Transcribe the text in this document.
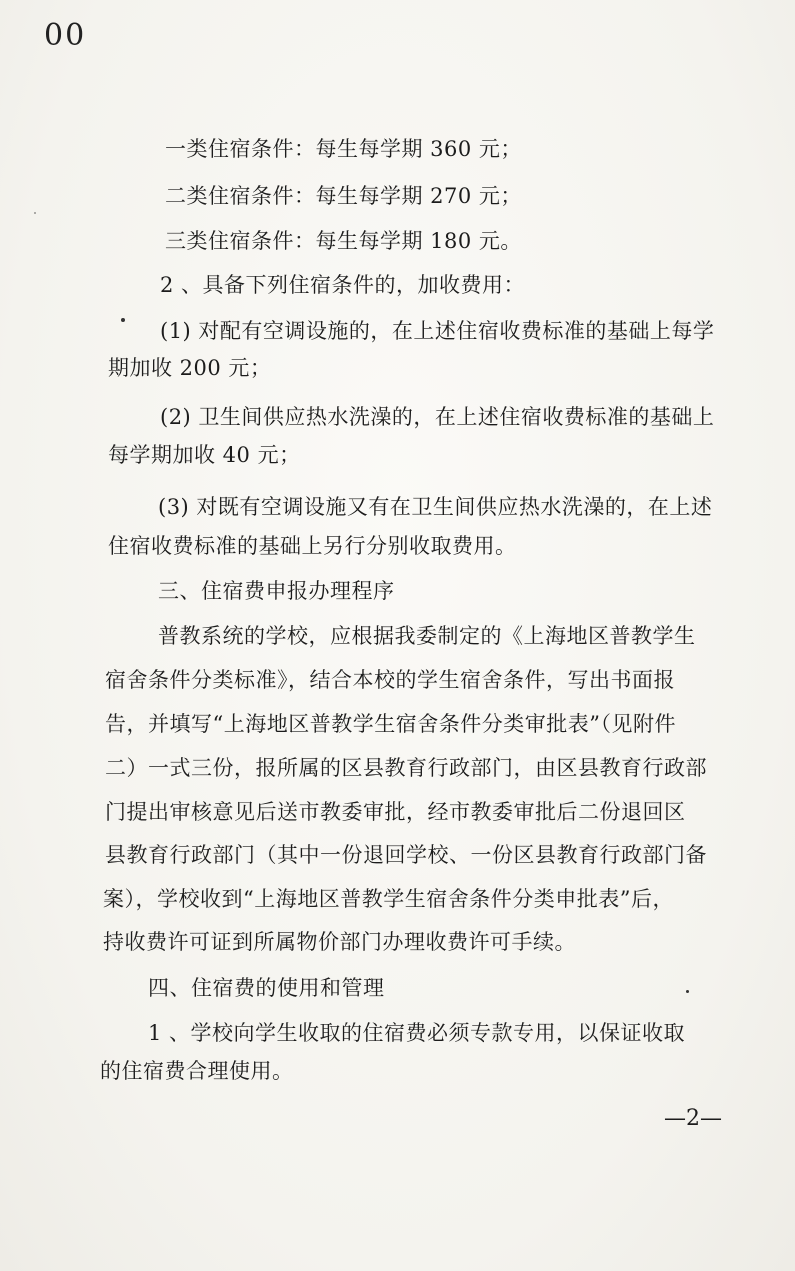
00
一类住宿条件：每生每学期 360 元；
二类住宿条件：每生每学期 270 元；
三类住宿条件：每生每学期 180 元。
2 、具备下列住宿条件的，加收费用：
(1) 对配有空调设施的，在上述住宿收费标准的基础上每学
期加收 200 元；
(2) 卫生间供应热水洗澡的，在上述住宿收费标准的基础上
每学期加收 40 元；
(3) 对既有空调设施又有在卫生间供应热水洗澡的，在上述
住宿收费标准的基础上另行分别收取费用。
三、住宿费申报办理程序
普教系统的学校，应根据我委制定的《上海地区普教学生
宿舍条件分类标准》，结合本校的学生宿舍条件，写出书面报
告，并填写“上海地区普教学生宿舍条件分类审批表”（见附件
二）一式三份，报所属的区县教育行政部门，由区县教育行政部
门提出审核意见后送市教委审批，经市教委审批后二份退回区
县教育行政部门（其中一份退回学校、一份区县教育行政部门备
案），学校收到“上海地区普教学生宿舍条件分类申批表”后，
持收费许可证到所属物价部门办理收费许可手续。
四、住宿费的使用和管理
1 、学校向学生收取的住宿费必须专款专用，以保证收取
的住宿费合理使用。
—2—
